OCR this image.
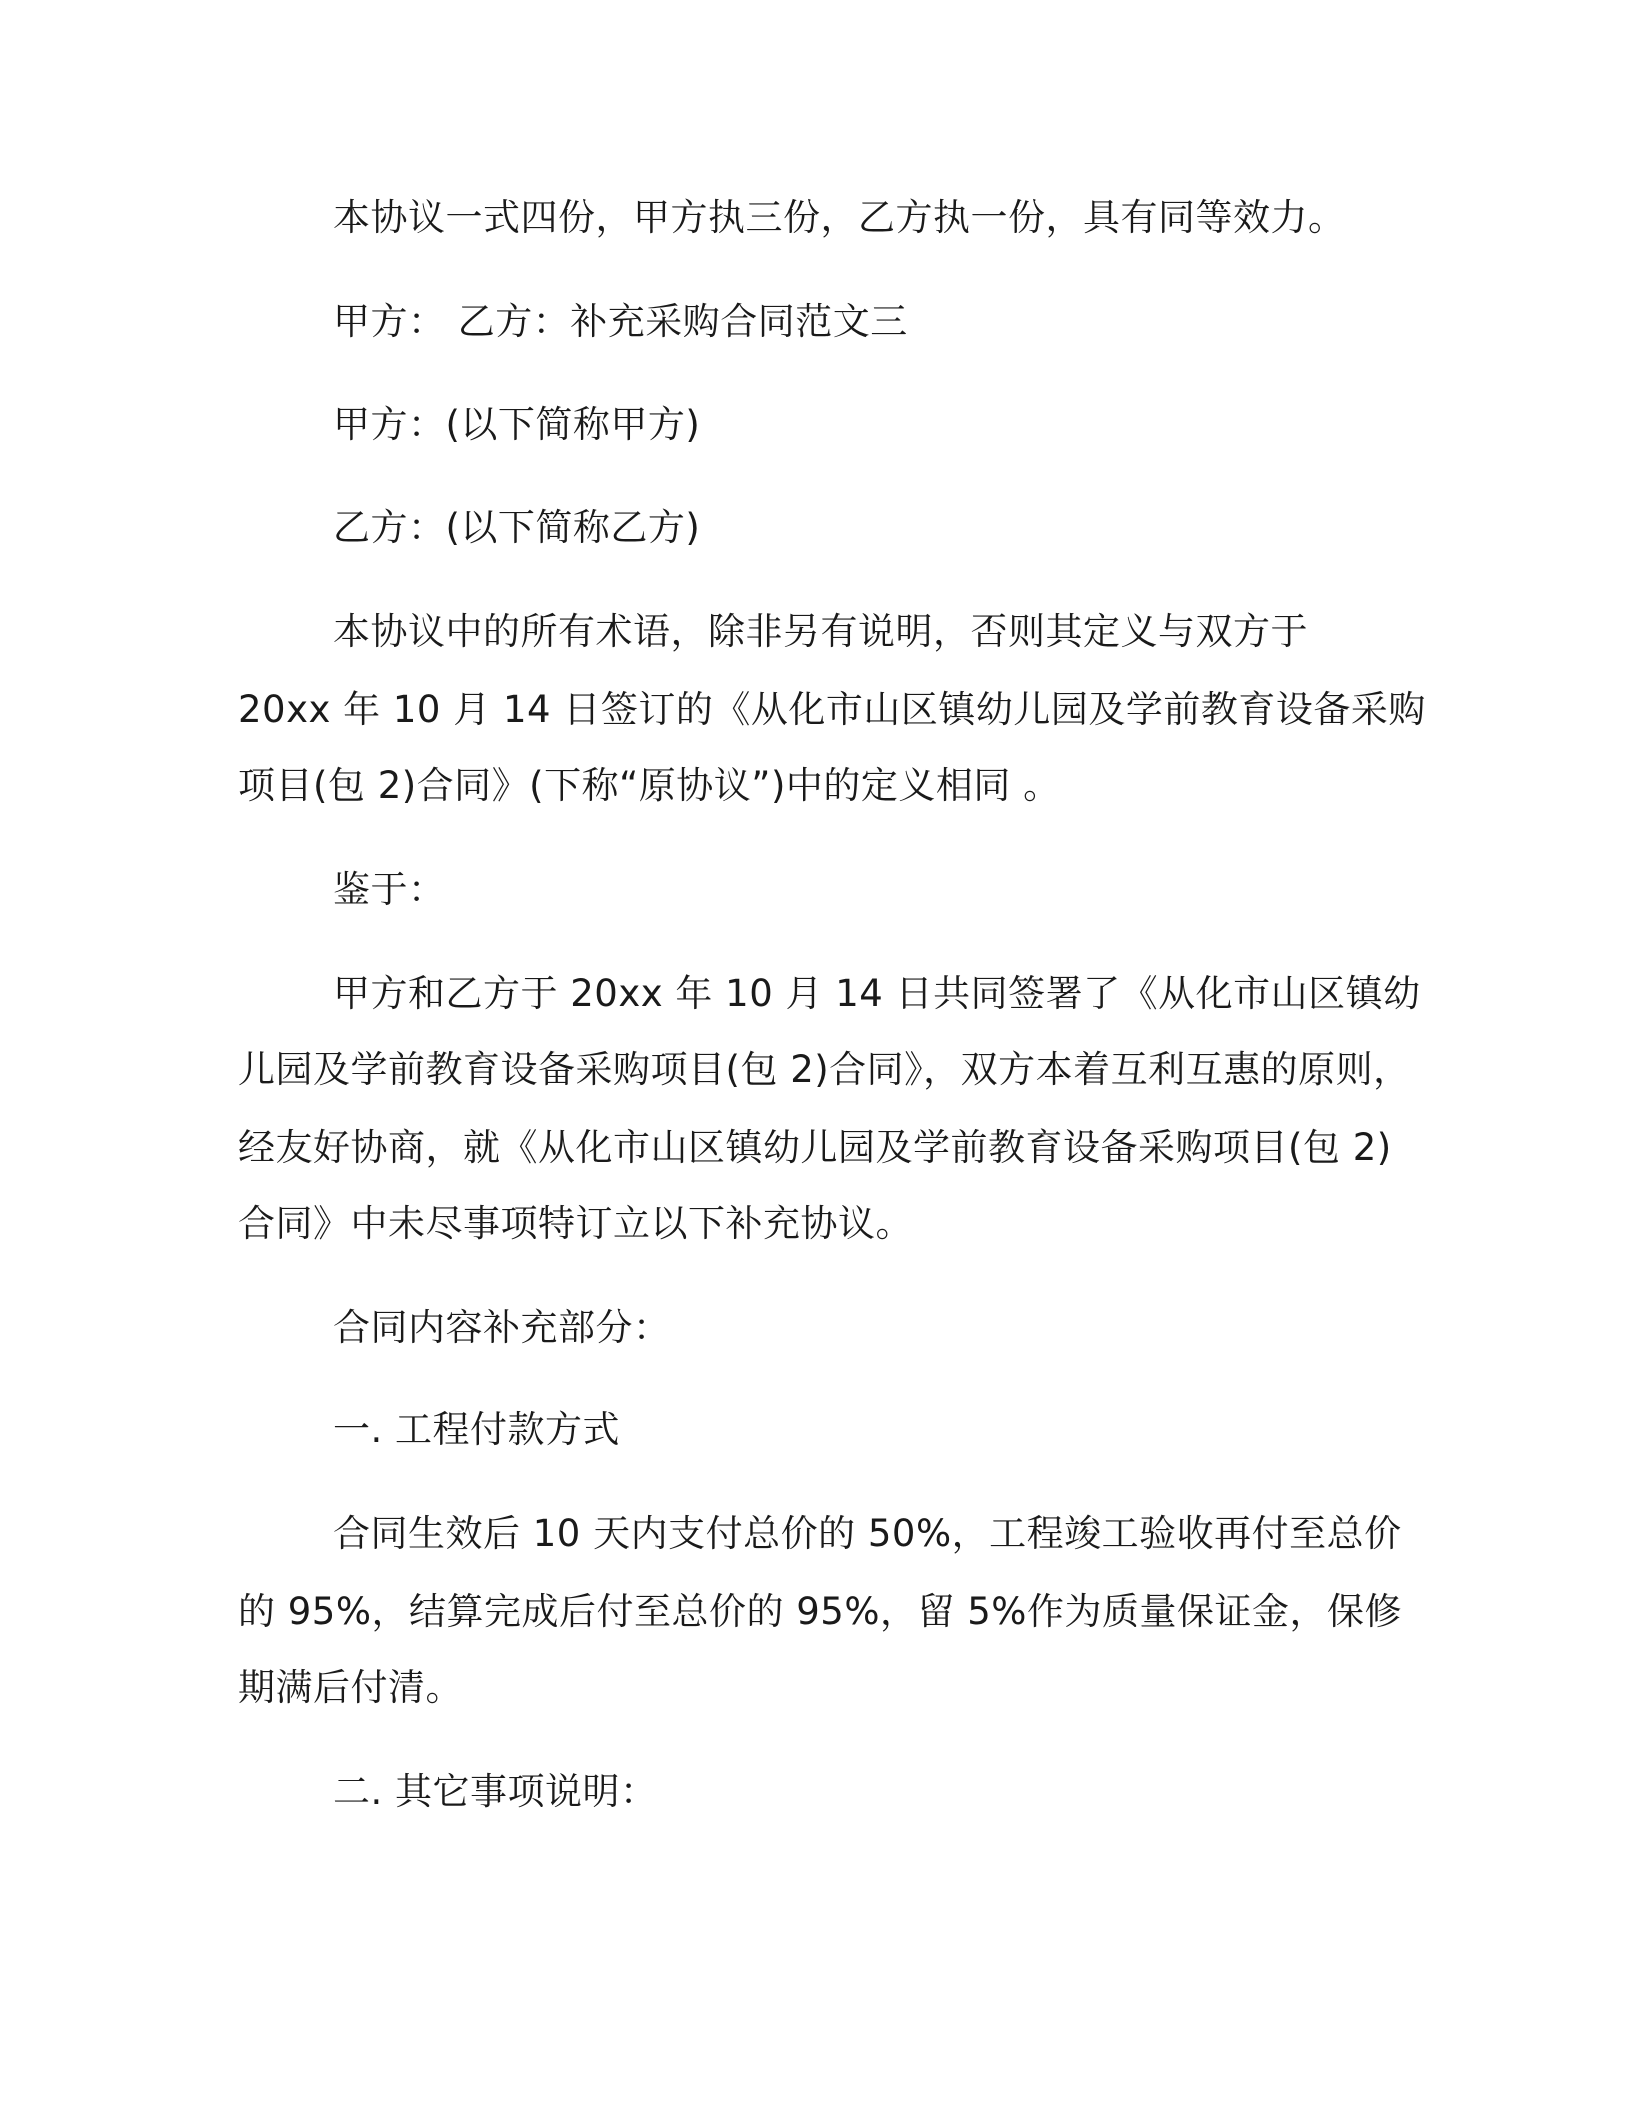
本协议一式四份，甲方执三份，乙方执一份，具有同等效力。
甲方： 乙方：补充采购合同范文三
甲方：(以下简称甲方)
乙方：(以下简称乙方)
本协议中的所有术语，除非另有说明，否则其定义与双方于
20xx 年 10 月 14 日签订的《从化市山区镇幼儿园及学前教育设备采购
项目(包 2)合同》(下称“原协议”)中的定义相同 。
鉴于：
甲方和乙方于 20xx 年 10 月 14 日共同签署了《从化市山区镇幼
儿园及学前教育设备采购项目(包 2)合同》，双方本着互利互惠的原则，
经友好协商，就《从化市山区镇幼儿园及学前教育设备采购项目(包 2)
合同》中未尽事项特订立以下补充协议。
合同内容补充部分：
一. 工程付款方式
合同生效后 10 天内支付总价的 50%，工程竣工验收再付至总价
的 95%，结算完成后付至总价的 95%，留 5%作为质量保证金，保修
期满后付清。
二. 其它事项说明：
